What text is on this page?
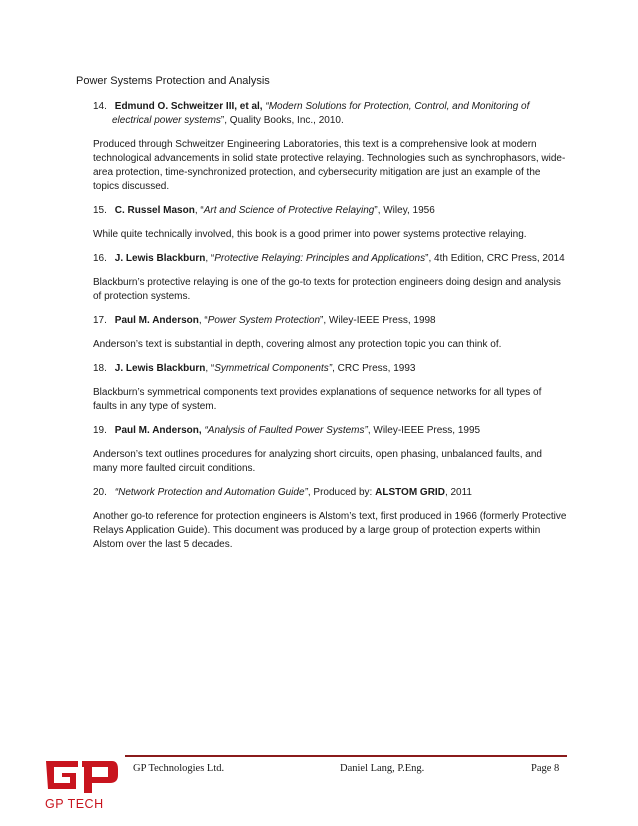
Power Systems Protection and Analysis

14. Edmund O. Schweitzer III, et al, “Modern Solutions for Protection, Control, and Monitoring of electrical power systems”, Quality Books, Inc., 2010.

Produced through Schweitzer Engineering Laboratories, this text is a comprehensive look at modern technological advancements in solid state protective relaying. Technologies such as synchrophasors, wide-area protection, time-synchronized protection, and cybersecurity mitigation are just an example of the topics discussed.

15. C. Russel Mason, “Art and Science of Protective Relaying”, Wiley, 1956

While quite technically involved, this book is a good primer into power systems protective relaying.

16. J. Lewis Blackburn, “Protective Relaying: Principles and Applications”, 4th Edition, CRC Press, 2014

Blackburn’s protective relaying is one of the go-to texts for protection engineers doing design and analysis of protection systems.

17. Paul M. Anderson, “Power System Protection”, Wiley-IEEE Press, 1998

Anderson’s text is substantial in depth, covering almost any protection topic you can think of.

18. J. Lewis Blackburn, “Symmetrical Components”, CRC Press, 1993

Blackburn’s symmetrical components text provides explanations of sequence networks for all types of faults in any type of system.

19. Paul M. Anderson, “Analysis of Faulted Power Systems”, Wiley-IEEE Press, 1995

Anderson’s text outlines procedures for analyzing short circuits, open phasing, unbalanced faults, and many more faulted circuit conditions.

20. “Network Protection and Automation Guide”, Produced by: ALSTOM GRID, 2011

Another go-to reference for protection engineers is Alstom’s text, first produced in 1966 (formerly Protective Relays Application Guide). This document was produced by a large group of protection experts within Alstom over the last 5 decades.

GP TECH
GP Technologies Ltd.	Daniel Lang, P.Eng.	Page 8
